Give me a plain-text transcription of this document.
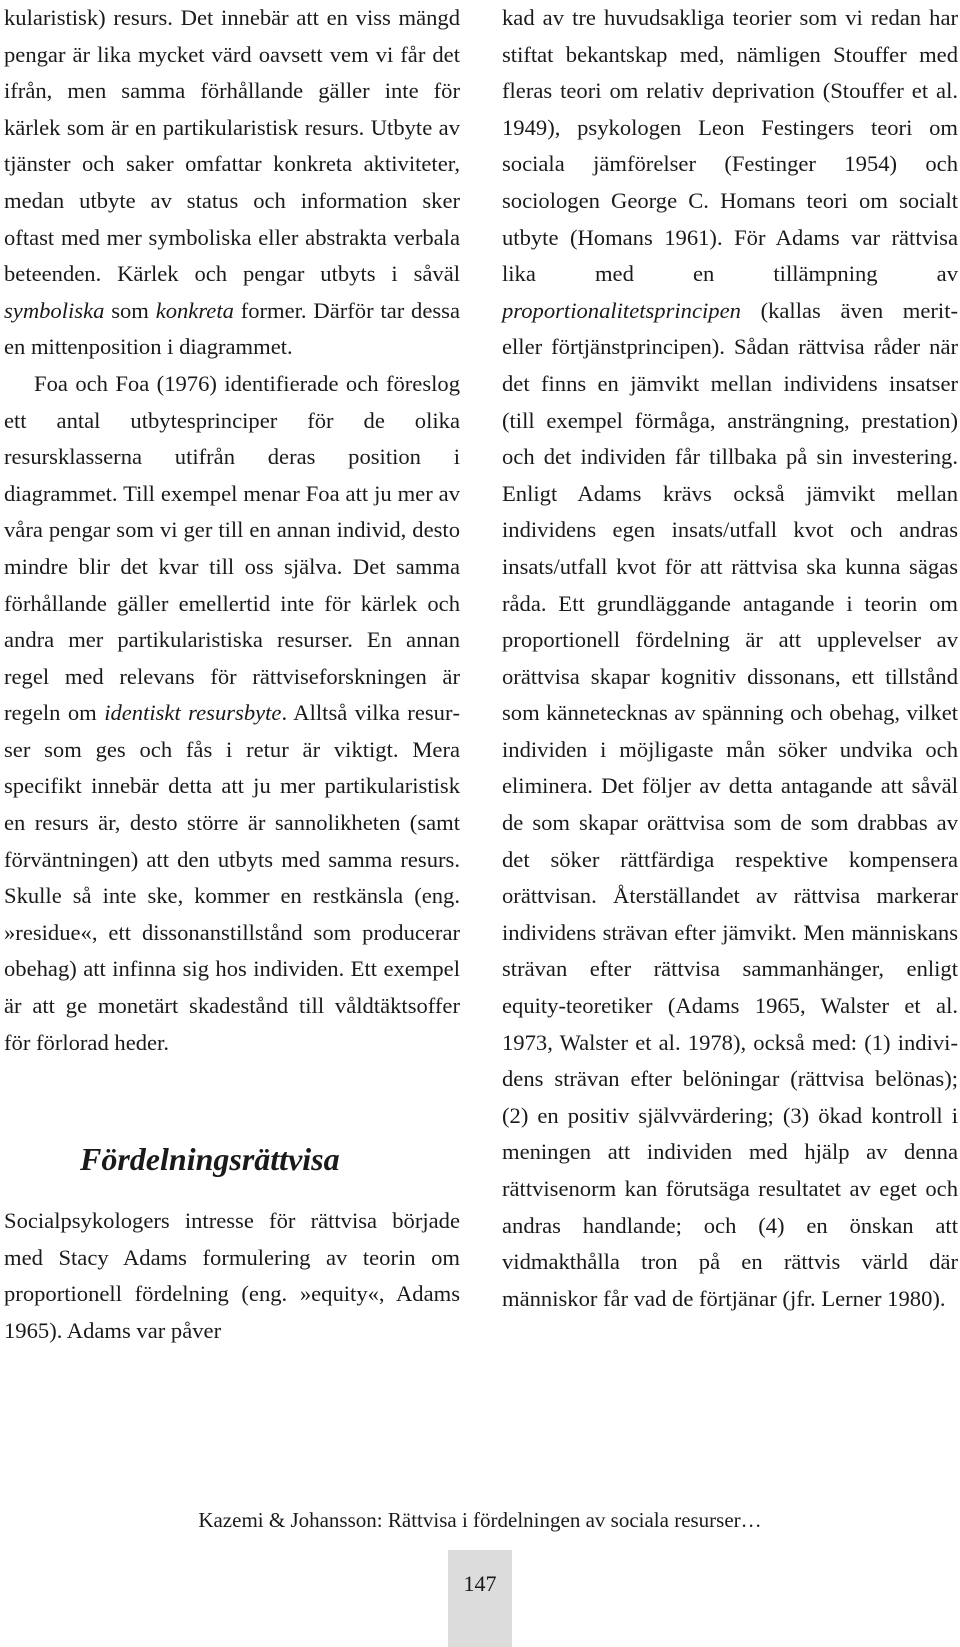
kularistisk) resurs. Det innebär att en viss mängd pengar är lika mycket värd oavsett vem vi får det ifrån, men samma förhållande gäller inte för kärlek som är en partikularistisk resurs. Utbyte av tjänster och saker omfattar konkreta aktiviteter, medan utbyte av status och information sker oftast med mer symboliska eller abstrakta verbala beteenden. Kärlek och pengar utbyts i såväl symboliska som konkreta former. Därför tar dessa en mittenposition i diagrammet.

Foa och Foa (1976) identifierade och föreslog ett antal utbytesprinciper för de olika resursklasserna utifrån deras position i diagrammet. Till exempel menar Foa att ju mer av våra pengar som vi ger till en annan individ, desto mindre blir det kvar till oss själva. Det samma förhållande gäller emellertid inte för kärlek och andra mer partikularistiska resurser. En annan regel med relevans för rättviseforskningen är regeln om identiskt resursbyte. Alltså vilka resurser som ges och fås i retur är viktigt. Mera specifikt innebär detta att ju mer partikularistisk en resurs är, desto större är sannolikheten (samt förväntningen) att den utbyts med samma resurs. Skulle så inte ske, kommer en restkänsla (eng. »residue«, ett dissonanstillstånd som producerar obehag) att infinna sig hos individen. Ett exempel är att ge monetärt skadestånd till våldtäktsoffer för förlorad heder.

Fördelningsrättvisa

Socialpsykologers intresse för rättvisa började med Stacy Adams formulering av teorin om proportionell fördelning (eng. »equity«, Adams 1965). Adams var påver

kad av tre huvudsakliga teorier som vi redan har stiftat bekantskap med, nämligen Stouffer med fleras teori om relativ deprivation (Stouffer et al. 1949), psykologen Leon Festingers teori om sociala jämförelser (Festinger 1954) och sociologen George C. Homans teori om socialt utbyte (Homans 1961). För Adams var rättvisa lika med en tillämpning av proportionalitetsprincipen (kallas även merit- eller förtjänstprincipen). Sådan rättvisa råder när det finns en jämvikt mellan individens insatser (till exempel förmåga, ansträngning, prestation) och det individen får tillbaka på sin investering. Enligt Adams krävs också jämvikt mellan individens egen insats/utfall kvot och andras insats/utfall kvot för att rättvisa ska kunna sägas råda. Ett grundläggande antagande i teorin om proportionell fördelning är att upplevelser av orättvisa skapar kognitiv dissonans, ett tillstånd som kännetecknas av spänning och obehag, vilket individen i möjligaste mån söker undvika och eliminera. Det följer av detta antagande att såväl de som skapar orättvisa som de som drabbas av det söker rättfärdiga respektive kompensera orättvisan. Återställandet av rättvisa markerar individens strävan efter jämvikt. Men människans strävan efter rättvisa sammanhänger, enligt equity-teoretiker (Adams 1965, Walster et al. 1973, Walster et al. 1978), också med: (1) individens strävan efter belöningar (rättvisa belönas); (2) en positiv självvärdering; (3) ökad kontroll i meningen att individen med hjälp av denna rättvisenorm kan förutsäga resultatet av eget och andras handlande; och (4) en önskan att vidmakthålla tron på en rättvis värld där människor får vad de förtjänar (jfr. Lerner 1980).

Kazemi & Johansson: Rättvisa i fördelningen av sociala resurser…
147
